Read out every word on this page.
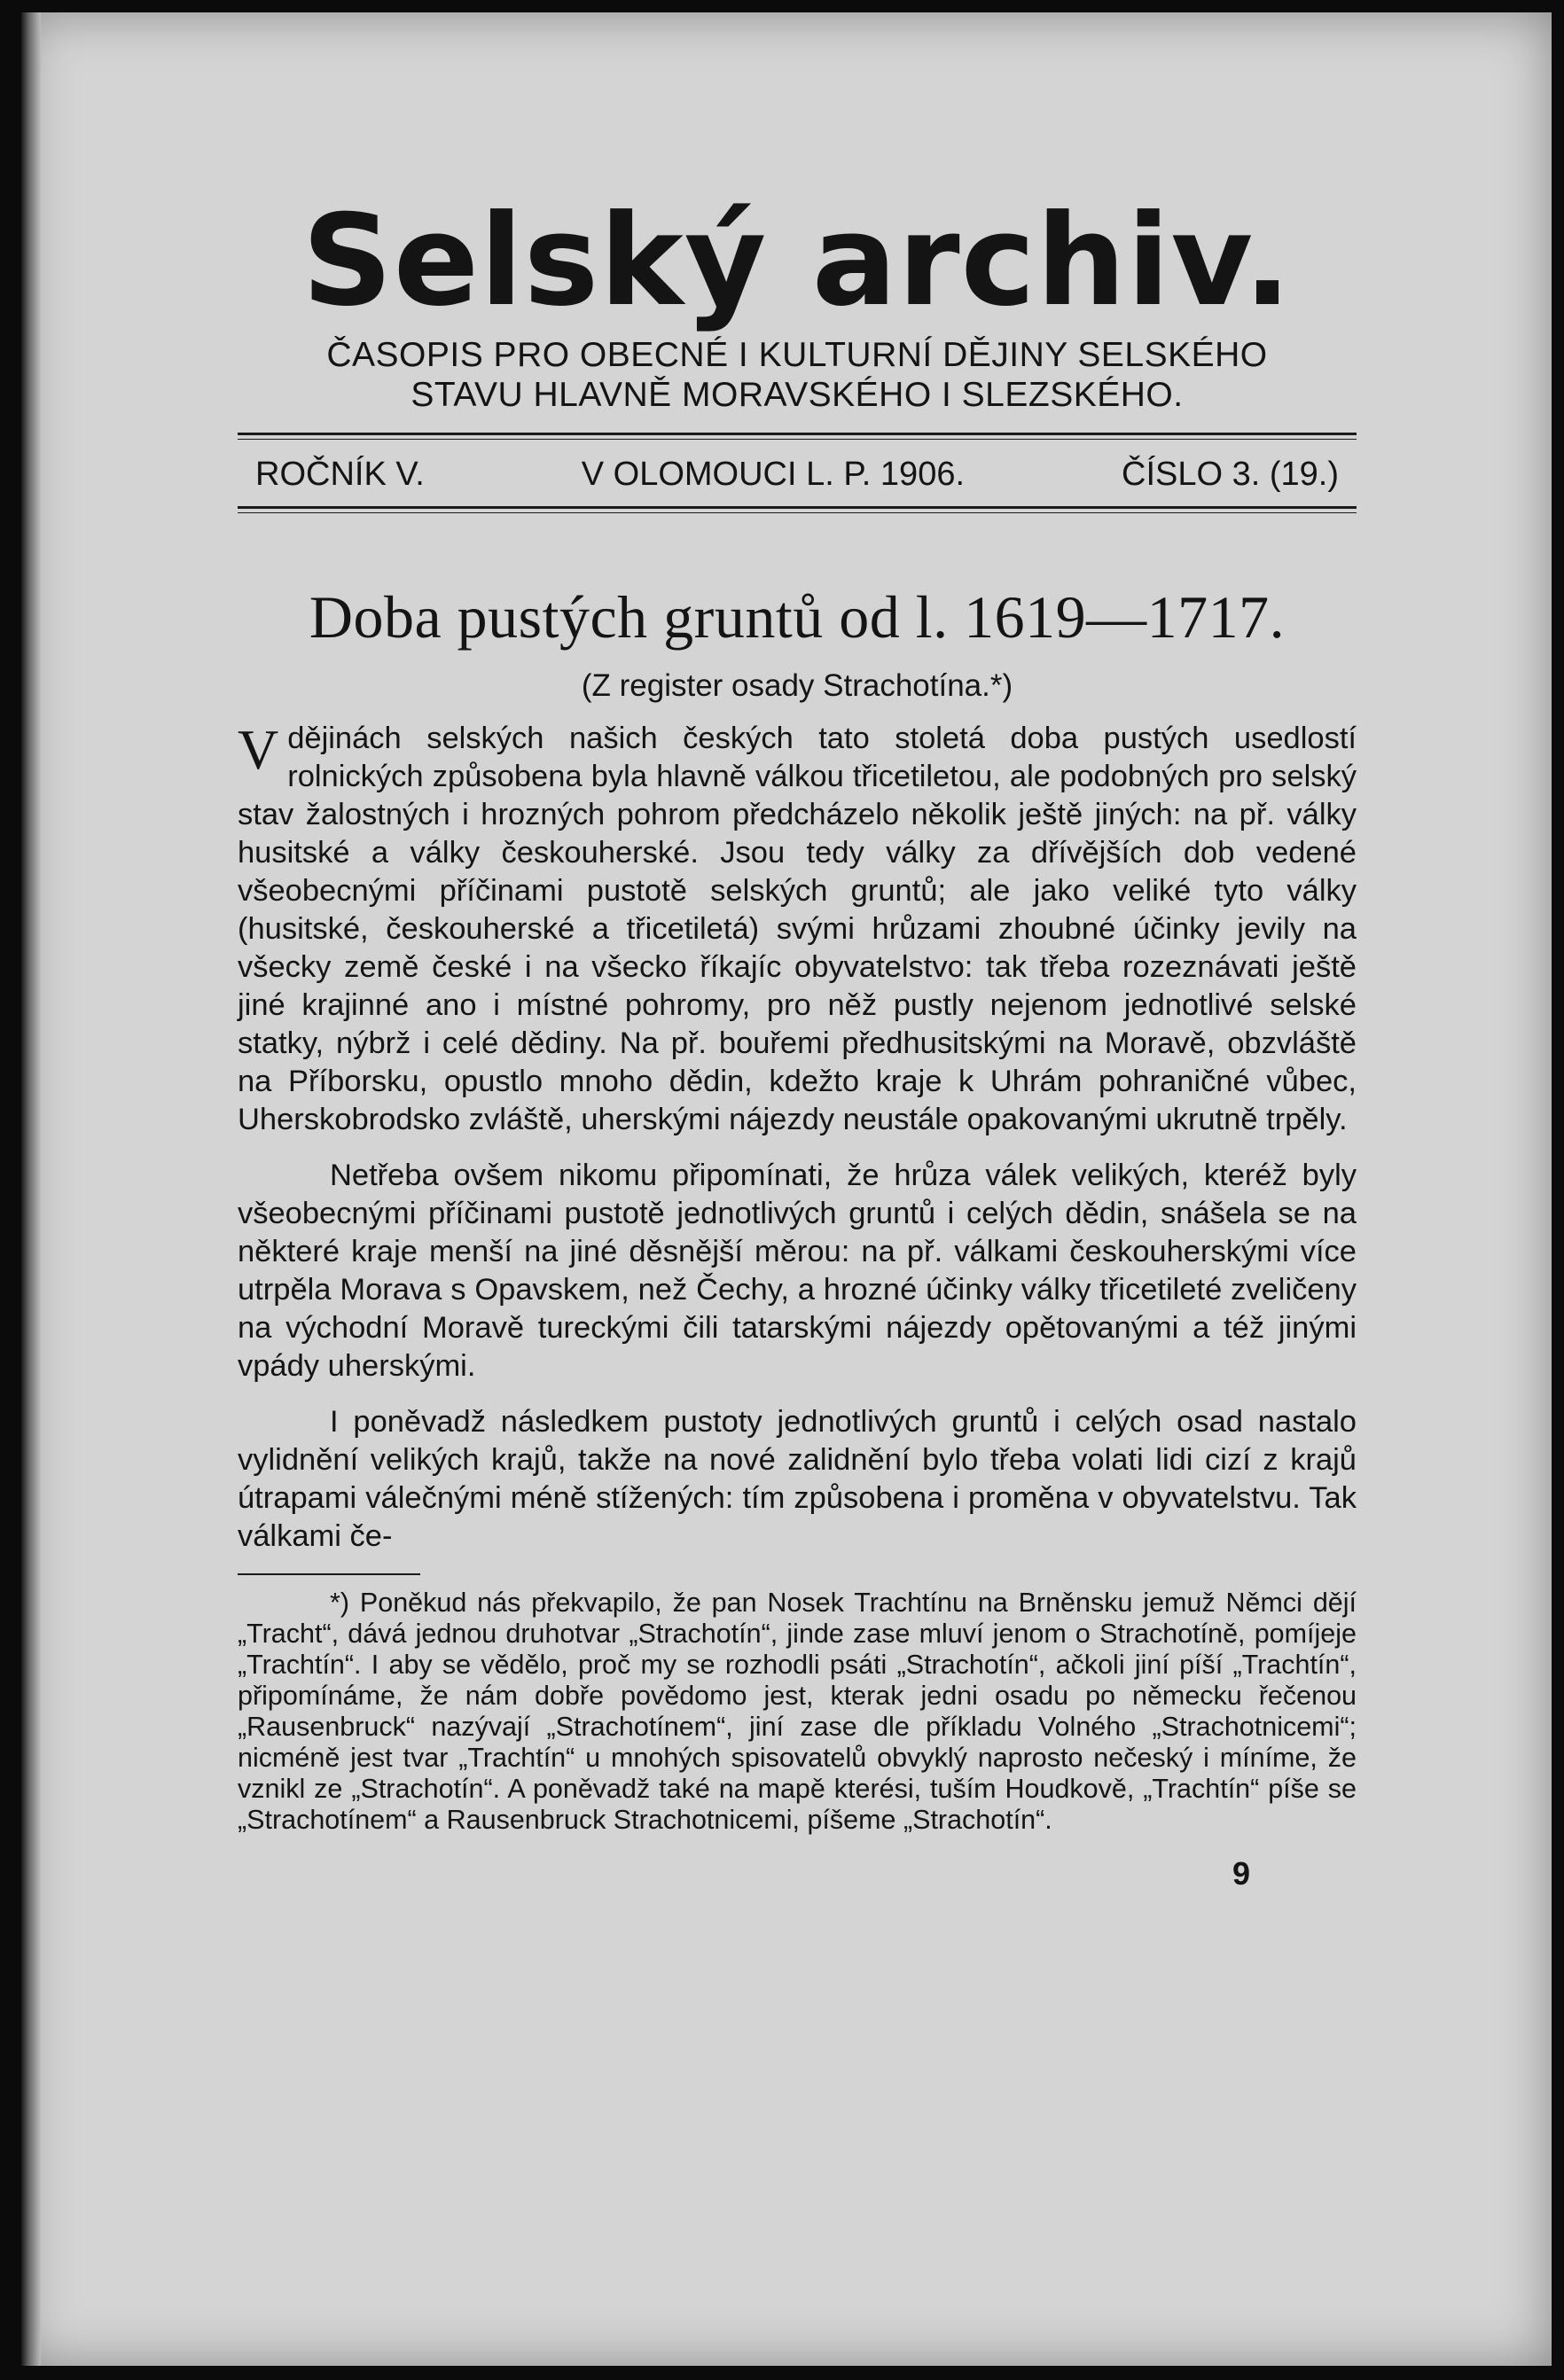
Selský archiv.
ČASOPIS PRO OBECNÉ I KULTURNÍ DĚJINY SELSKÉHO
STAVU HLAVNĚ MORAVSKÉHO I SLEZSKÉHO.
ROČNÍK V.	V OLOMOUCI L. P. 1906.	ČÍSLO 3. (19.)
Doba pustých gruntů od l. 1619—1717.
(Z register osady Strachotína.*)

Vdějinách selských našich českých tato stoletá doba pustých usedlostí rolnických způsobena byla hlavně válkou třicetiletou, ale podobných pro selský stav žalostných i hrozných pohrom předcházelo několik ještě jiných: na př. války husitské a války českouherské. Jsou tedy války za dřívějších dob vedené všeobecnými příčinami pustotě selských gruntů; ale jako veliké tyto války (husitské, českouherské a třicetiletá) svými hrůzami zhoubné účinky jevily na všecky země české i na všecko říkajíc obyvatelstvo: tak třeba rozeznávati ještě jiné krajinné ano i místné pohromy, pro něž pustly nejenom jednotlivé selské statky, nýbrž i celé dědiny. Na př. bouřemi předhusitskými na Moravě, obzvláště na Příborsku, opustlo mnoho dědin, kdežto kraje k Uhrám pohraničné vůbec, Uherskobrodsko zvláště, uherskými nájezdy neustále opakovanými ukrutně trpěly.

Netřeba ovšem nikomu připomínati, že hrůza válek velikých, kteréž byly všeobecnými příčinami pustotě jednotlivých gruntů i celých dědin, snášela se na některé kraje menší na jiné děsnější měrou: na př. válkami českouherskými více utrpěla Morava s Opavskem, než Čechy, a hrozné účinky války třicetileté zveličeny na východní Moravě tureckými čili tatarskými nájezdy opětovanými a též jinými vpády uherskými.

I poněvadž následkem pustoty jednotlivých gruntů i celých osad nastalo vylidnění velikých krajů, takže na nové zalidnění bylo třeba volati lidi cizí z krajů útrapami válečnými méně stížených: tím způsobena i proměna v obyvatelstvu. Tak válkami če-

*) Poněkud nás překvapilo, že pan Nosek Trachtínu na Brněnsku jemuž Němci dějí „Tracht“, dává jednou druhotvar „Strachotín“, jinde zase mluví jenom o Strachotíně, pomíjeje „Trachtín“. I aby se vědělo, proč my se rozhodli psáti „Strachotín“, ačkoli jiní píší „Trachtín“, připomínáme, že nám dobře povědomo jest, kterak jedni osadu po německu řečenou „Rausenbruck“ nazývají „Strachotínem“, jiní zase dle příkladu Volného „Strachotnicemi“; nicméně jest tvar „Trachtín“ u mnohých spisovatelů obvyklý naprosto nečeský i míníme, že vznikl ze „Strachotín“. A poněvadž také na mapě kterési, tuším Houdkově, „Trachtín“ píše se „Strachotínem“ a Rausenbruck Strachotnicemi, píšeme „Strachotín“.
9
